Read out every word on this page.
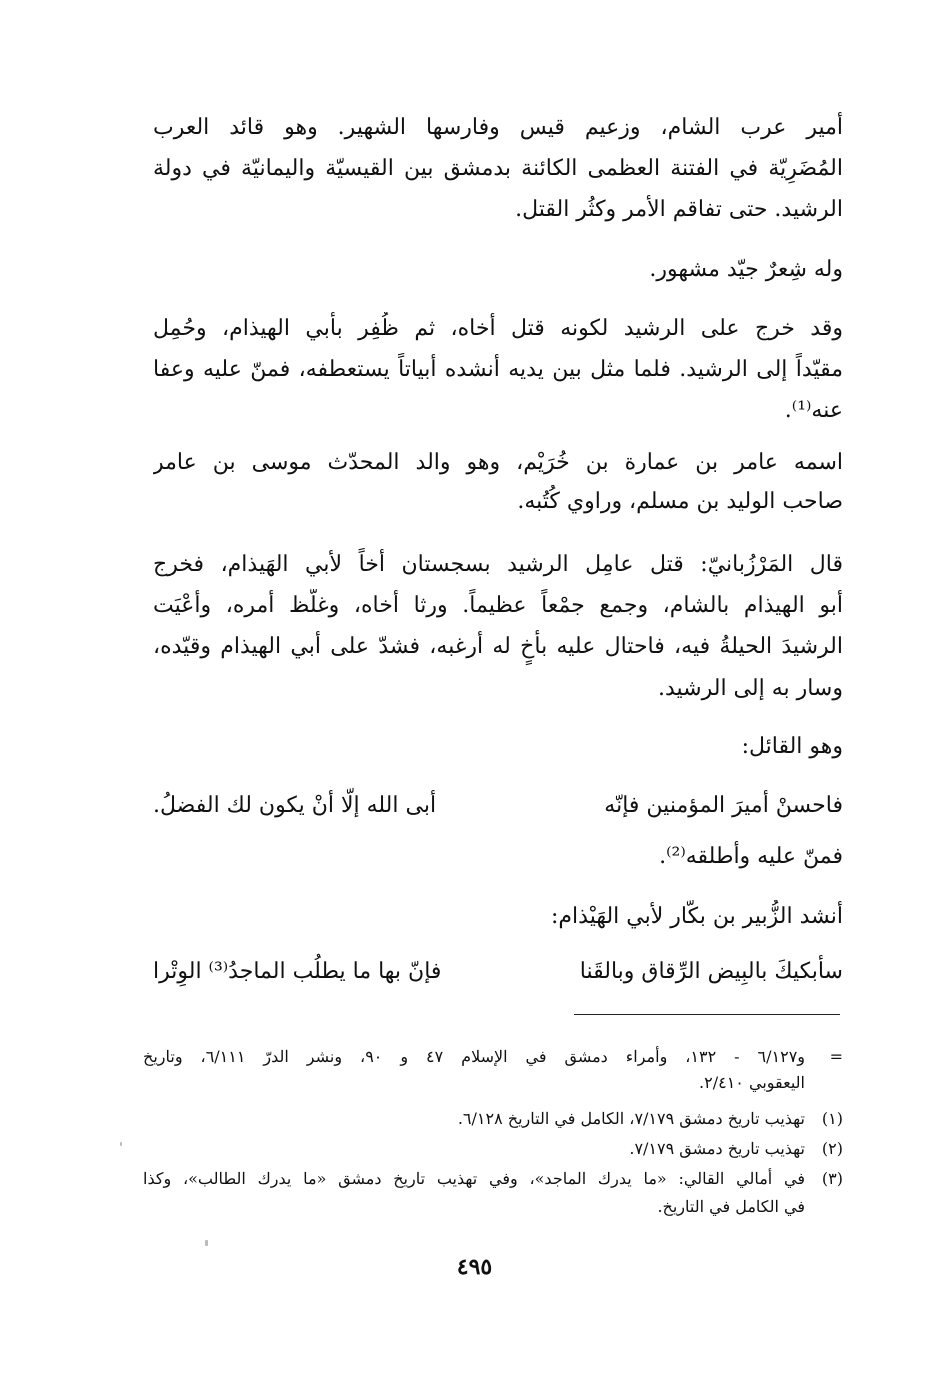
أمير عرب الشام، وزعيم قيس وفارسها الشهير. وهو قائد العرب
المُضَرِيّة في الفتنة العظمى الكائنة بدمشق بين القيسيّة واليمانيّة في دولة
الرشيد. حتى تفاقم الأمر وكثُر القتل.
وله شِعرٌ جيّد مشهور.
وقد خرج على الرشيد لكونه قتل أخاه، ثم ظُفِر بأبي الهيذام، وحُمِل
مقيّداً إلى الرشيد. فلما مثل بين يديه أنشده أبياتاً يستعطفه، فمنّ عليه وعفا
عنه⁽¹⁾.
اسمه عامر بن عمارة بن خُرَيْم، وهو والد المحدّث موسى بن عامر
صاحب الوليد بن مسلم، وراوي كُتُبه.
قال المَرْزُبانيّ: قتل عامِل الرشيد بسجستان أخاً لأبي الهَيذام، فخرج
أبو الهيذام بالشام، وجمع جمْعاً عظيماً. ورثا أخاه، وغلّظ أمره، وأعْيَت
الرشيدَ الحيلةُ فيه، فاحتال عليه بأخٍ له أرغبه، فشدّ على أبي الهيذام وقيّده،
وسار به إلى الرشيد.
وهو القائل:
فاحسنْ أميرَ المؤمنين فإنّه
أبى الله إلّا أنْ يكون لك الفضلُ.
فمنّ عليه وأطلقه⁽²⁾.
أنشد الزُّبير بن بكّار لأبي الهَيْذام:
سأبكيكَ بالبِيض الرِّقاق وبالقَنا
فإنّ بها ما يطلُب الماجدُ⁽³⁾ الوِتْرا
=
و٦/١٢٧ - ١٣٢، وأمراء دمشق في الإسلام ٤٧ و ٩٠، ونشر الدرّ ٦/١١١، وتاريخ
اليعقوبي ٢/٤١٠.
(١)
تهذيب تاريخ دمشق ٧/١٧٩، الكامل في التاريخ ٦/١٢٨.
(٢)
تهذيب تاريخ دمشق ٧/١٧٩.
(٣)
في أمالي القالي: «ما يدرك الماجد»، وفي تهذيب تاريخ دمشق «ما يدرك الطالب»، وكذا
في الكامل في التاريخ.
٤٩٥
